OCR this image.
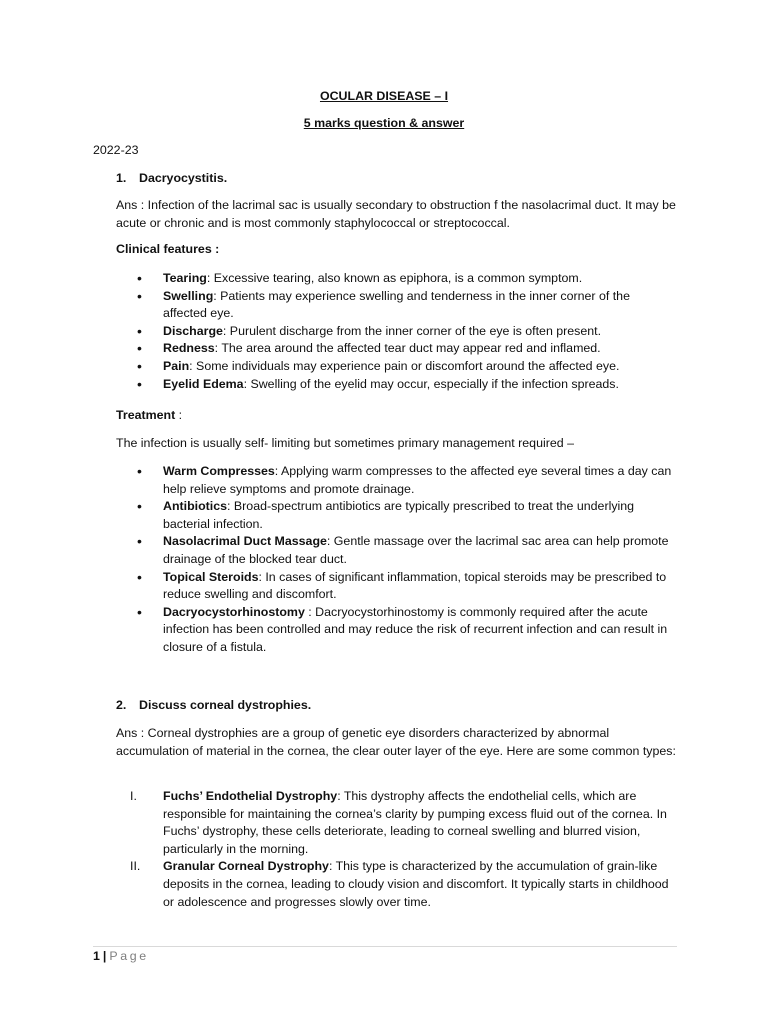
OCULAR DISEASE – I
5 marks question & answer
2022-23
1. Dacryocystitis.
Ans : Infection of the lacrimal sac is usually secondary to obstruction f the nasolacrimal duct. It may be acute or chronic and is most commonly staphylococcal or streptococcal.
Clinical features :
• Tearing: Excessive tearing, also known as epiphora, is a common symptom.
• Swelling: Patients may experience swelling and tenderness in the inner corner of the affected eye.
• Discharge: Purulent discharge from the inner corner of the eye is often present.
• Redness: The area around the affected tear duct may appear red and inflamed.
• Pain: Some individuals may experience pain or discomfort around the affected eye.
• Eyelid Edema: Swelling of the eyelid may occur, especially if the infection spreads.
Treatment :
The infection is usually self- limiting but sometimes primary management required –
• Warm Compresses: Applying warm compresses to the affected eye several times a day can help relieve symptoms and promote drainage.
• Antibiotics: Broad-spectrum antibiotics are typically prescribed to treat the underlying bacterial infection.
• Nasolacrimal Duct Massage: Gentle massage over the lacrimal sac area can help promote drainage of the blocked tear duct.
• Topical Steroids: In cases of significant inflammation, topical steroids may be prescribed to reduce swelling and discomfort.
• Dacryocystorhinostomy : Dacryocystorhinostomy is commonly required after the acute infection has been controlled and may reduce the risk of recurrent infection and can result in closure of a fistula.
2. Discuss corneal dystrophies.
Ans : Corneal dystrophies are a group of genetic eye disorders characterized by abnormal accumulation of material in the cornea, the clear outer layer of the eye. Here are some common types:
I. Fuchs’ Endothelial Dystrophy: This dystrophy affects the endothelial cells, which are responsible for maintaining the cornea’s clarity by pumping excess fluid out of the cornea. In Fuchs’ dystrophy, these cells deteriorate, leading to corneal swelling and blurred vision, particularly in the morning.
II. Granular Corneal Dystrophy: This type is characterized by the accumulation of grain-like deposits in the cornea, leading to cloudy vision and discomfort. It typically starts in childhood or adolescence and progresses slowly over time.
1 | Page
